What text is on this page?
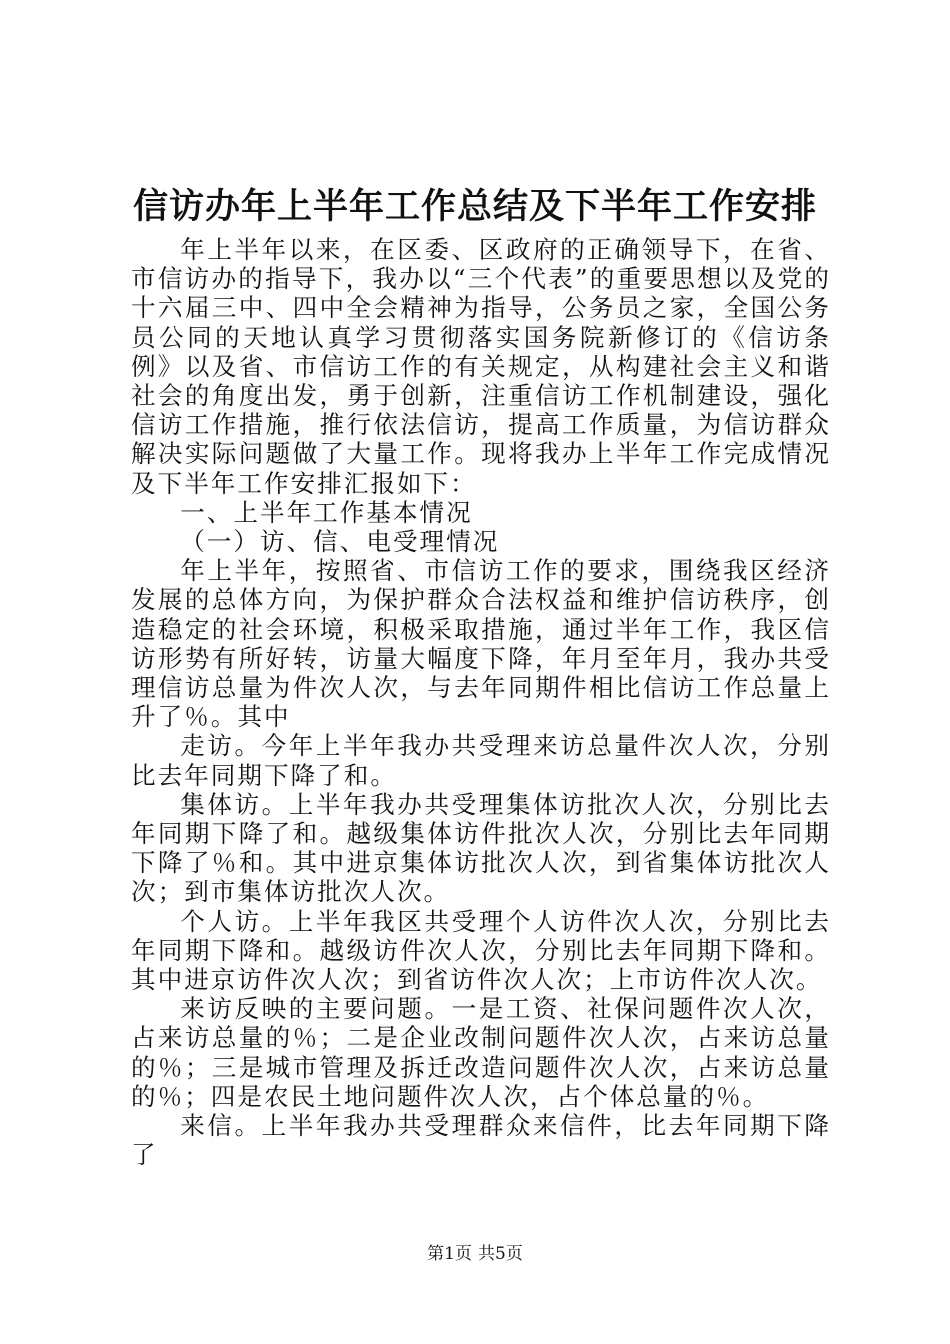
信访办年上半年工作总结及下半年工作安排

年上半年以来，在区委、区政府的正确领导下，在省、市信访办的指导下，我办以“三个代表”的重要思想以及党的十六届三中、四中全会精神为指导，公务员之家，全国公务员公同的天地认真学习贯彻落实国务院新修订的《信访条例》以及省、市信访工作的有关规定，从构建社会主义和谐社会的角度出发，勇于创新，注重信访工作机制建设，强化信访工作措施，推行依法信访，提高工作质量，为信访群众解决实际问题做了大量工作。现将我办上半年工作完成情况及下半年工作安排汇报如下：

一、上半年工作基本情况

（一）访、信、电受理情况

年上半年，按照省、市信访工作的要求，围绕我区经济发展的总体方向，为保护群众合法权益和维护信访秩序，创造稳定的社会环境，积极采取措施，通过半年工作，我区信访形势有所好转，访量大幅度下降，年月至年月，我办共受理信访总量为件次人次，与去年同期件相比信访工作总量上升了％。其中

走访。今年上半年我办共受理来访总量件次人次，分别比去年同期下降了和。

集体访。上半年我办共受理集体访批次人次，分别比去年同期下降了和。越级集体访件批次人次，分别比去年同期下降了％和。其中进京集体访批次人次，到省集体访批次人次；到市集体访批次人次。

个人访。上半年我区共受理个人访件次人次，分别比去年同期下降和。越级访件次人次，分别比去年同期下降和。其中进京访件次人次；到省访件次人次；上市访件次人次。

来访反映的主要问题。一是工资、社保问题件次人次，占来访总量的％；二是企业改制问题件次人次，占来访总量的％；三是城市管理及拆迁改造问题件次人次，占来访总量的％；四是农民土地问题件次人次，占个体总量的％。

来信。上半年我办共受理群众来信件，比去年同期下降了

第1页 共5页
